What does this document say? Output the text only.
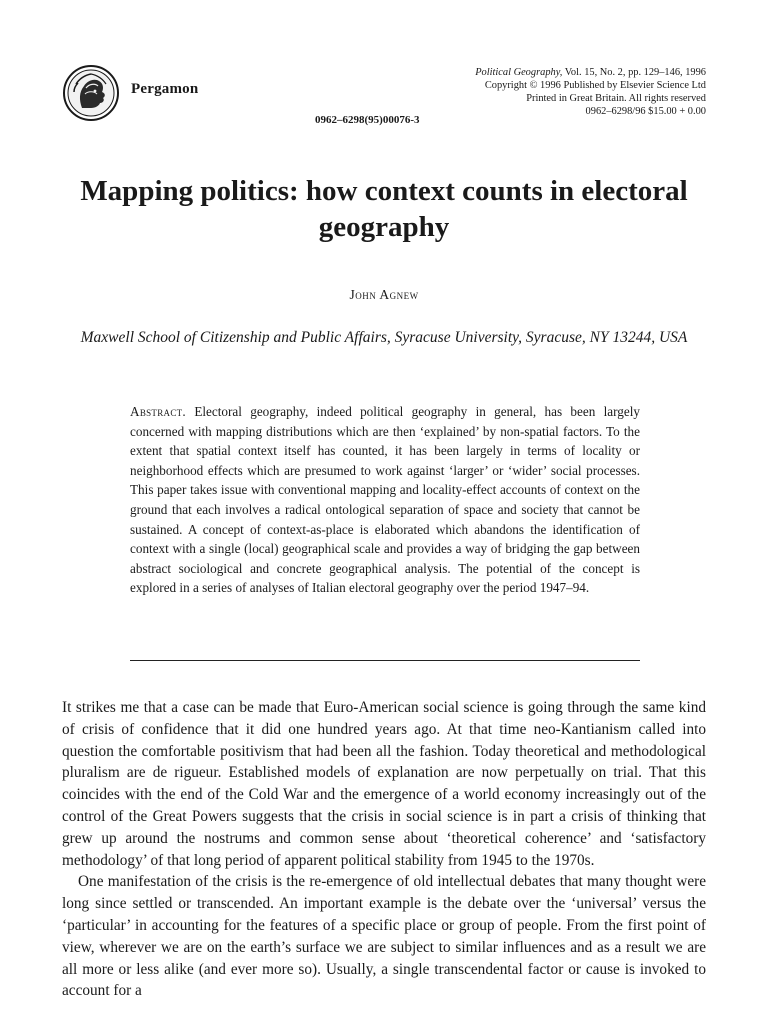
Pergamon
Political Geography, Vol. 15, No. 2, pp. 129–146, 1996
Copyright © 1996 Published by Elsevier Science Ltd
Printed in Great Britain. All rights reserved
0962–6298/96 $15.00 + 0.00
0962–6298(95)00076-3
Mapping politics: how context counts in electoral geography
John Agnew
Maxwell School of Citizenship and Public Affairs, Syracuse University, Syracuse, NY 13244, USA
Abstract. Electoral geography, indeed political geography in general, has been largely concerned with mapping distributions which are then ‘explained’ by non-spatial factors. To the extent that spatial context itself has counted, it has been largely in terms of locality or neighborhood effects which are presumed to work against ‘larger’ or ‘wider’ social processes. This paper takes issue with conventional mapping and locality-effect accounts of context on the ground that each involves a radical ontological separation of space and society that cannot be sustained. A concept of context-as-place is elaborated which abandons the identification of context with a single (local) geographical scale and provides a way of bridging the gap between abstract sociological and concrete geographical analysis. The potential of the concept is explored in a series of analyses of Italian electoral geography over the period 1947–94.

It strikes me that a case can be made that Euro-American social science is going through the same kind of crisis of confidence that it did one hundred years ago. At that time neo-Kantianism called into question the comfortable positivism that had been all the fashion. Today theoretical and methodological pluralism are de rigueur. Established models of explanation are now perpetually on trial. That this coincides with the end of the Cold War and the emergence of a world economy increasingly out of the control of the Great Powers suggests that the crisis in social science is in part a crisis of thinking that grew up around the nostrums and common sense about ‘theoretical coherence’ and ‘satisfactory methodology’ of that long period of apparent political stability from 1945 to the 1970s.

One manifestation of the crisis is the re-emergence of old intellectual debates that many thought were long since settled or transcended. An important example is the debate over the ‘universal’ versus the ‘particular’ in accounting for the features of a specific place or group of people. From the first point of view, wherever we are on the earth’s surface we are subject to similar influences and as a result we are all more or less alike (and ever more so). Usually, a single transcendental factor or cause is invoked to account for a
